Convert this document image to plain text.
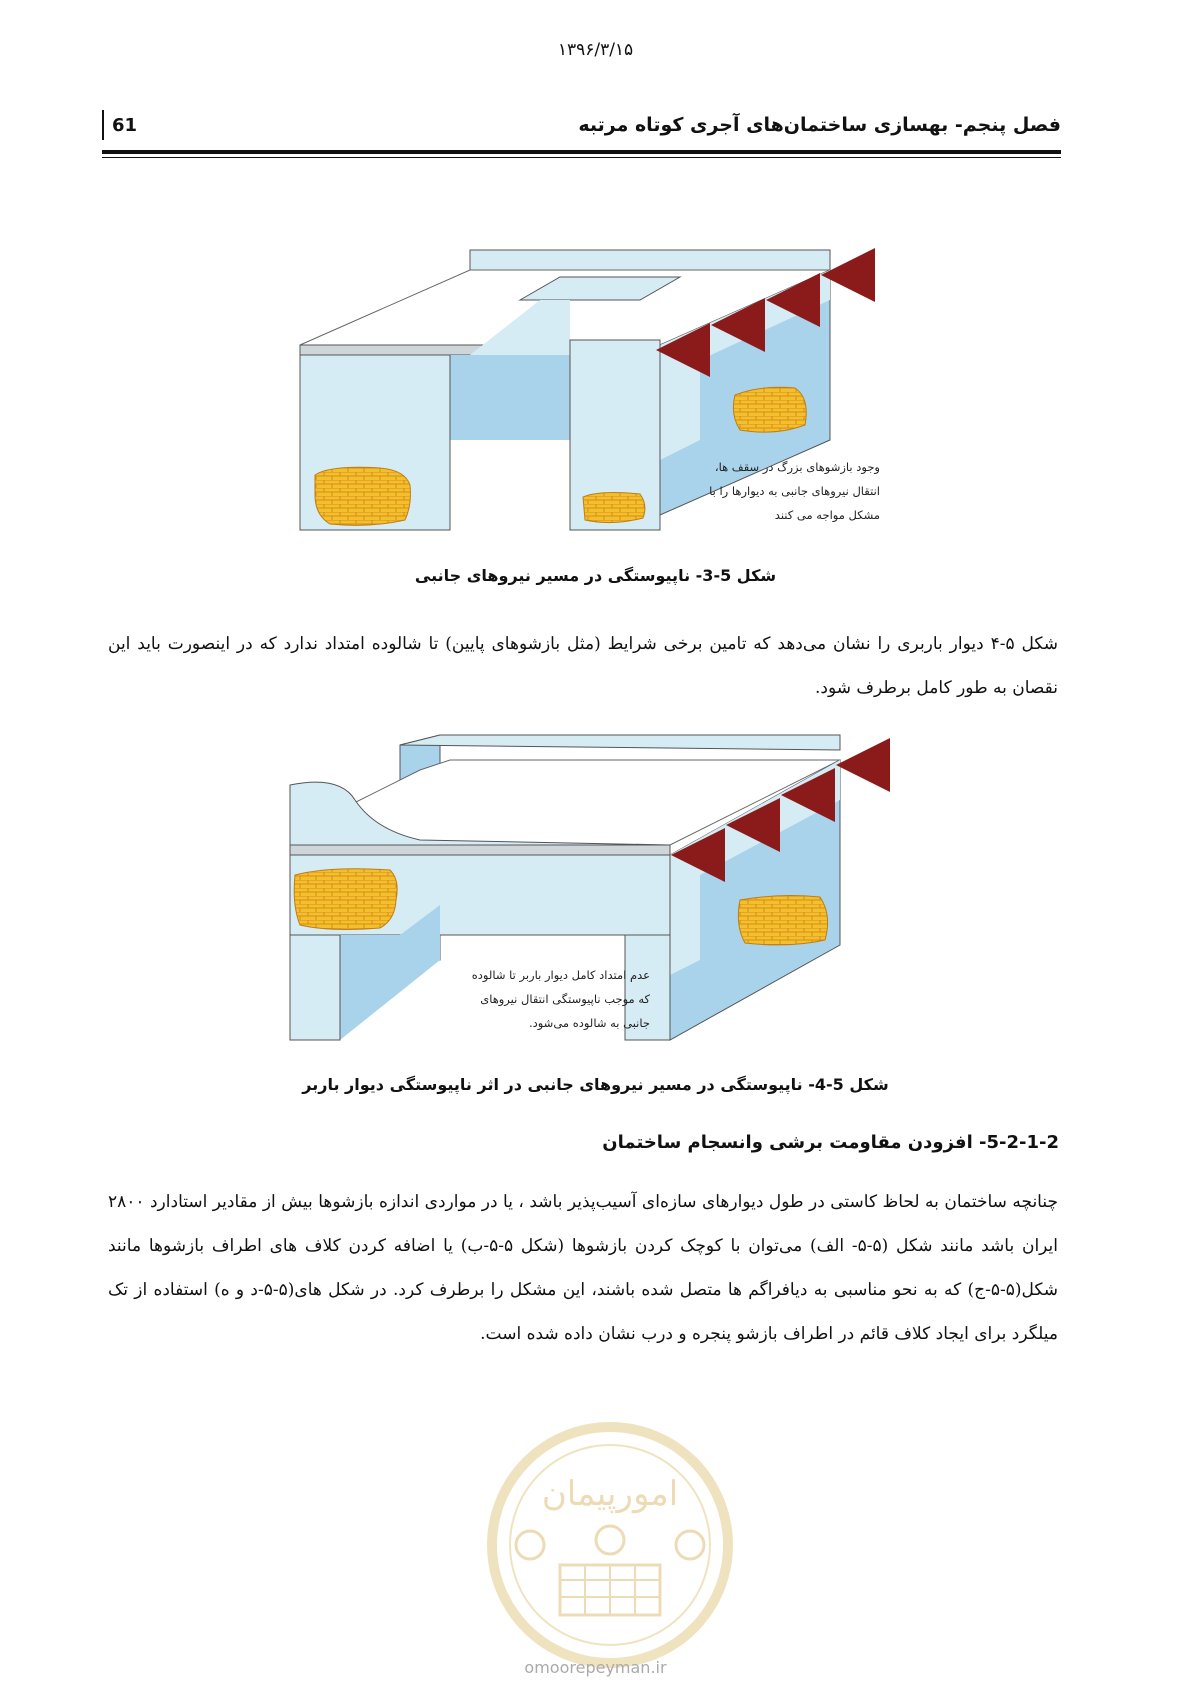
۱۳۹۶/۳/۱۵
61	فصل پنجم- بهسازی ساختمان‌های آجری کوتاه مرتبه
امورپیمان
وجود بازشوهای بزرگ در سقف ها،
انتقال نیروهای جانبی به دیوارها را با
مشکل مواجه می کنند
شکل 5-3- ناپیوستگی در مسیر نیروهای جانبی
شکل ۵-۴ دیوار باربری را نشان می‌دهد که تامین برخی شرایط (مثل بازشوهای پایین) تا شالوده امتداد ندارد که در اینصورت باید این نقصان به طور کامل برطرف شود.
عدم امتداد کامل دیوار باربر تا شالوده
که موجب ناپیوستگی انتقال نیروهای
جانبی به شالوده می‌شود.
شکل 5-4- ناپیوستگی در مسیر نیروهای جانبی در اثر ناپیوستگی دیوار باربر
5-2-1-2- افزودن مقاومت برشی وانسجام ساختمان
چنانچه ساختمان به لحاظ کاستی در طول دیوارهای سازه‌ای آسیب‌پذیر باشد ، یا در مواردی اندازه بازشوها بیش از مقادیر استادارد ۲۸۰۰ ایران باشد مانند شکل (۵-۵- الف) می‌توان با کوچک کردن بازشوها (شکل ۵-۵-ب) یا اضافه کردن کلاف های اطراف بازشوها مانند شکل(۵-۵-ج) که به نحو مناسبی به دیافراگم ها متصل شده باشند، این مشکل را برطرف کرد. در شکل های(۵-۵-د و ه) استفاده از تک میلگرد برای ایجاد کلاف قائم در اطراف بازشو پنجره و درب نشان داده شده است.
omoorepeyman.ir
